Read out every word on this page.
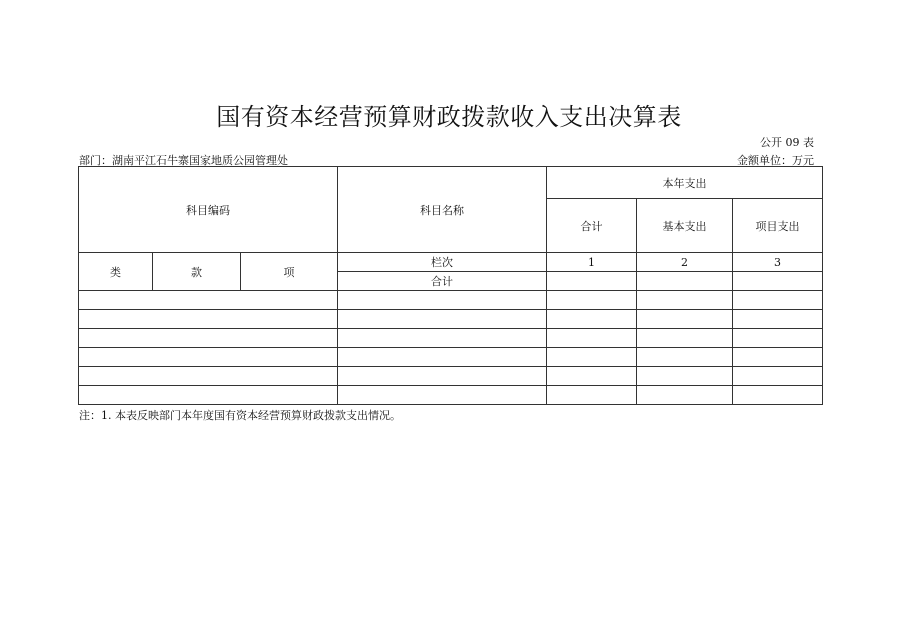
国有资本经营预算财政拨款收入支出决算表
公开 09 表
部门：湖南平江石牛寨国家地质公园管理处	金额单位：万元
科目编码			科目名称	本年支出		
				合计	基本支出	项目支出
类	款	项	栏次	1	2	3
			合计			

注：1. 本表反映部门本年度国有资本经营预算财政拨款支出情况。
